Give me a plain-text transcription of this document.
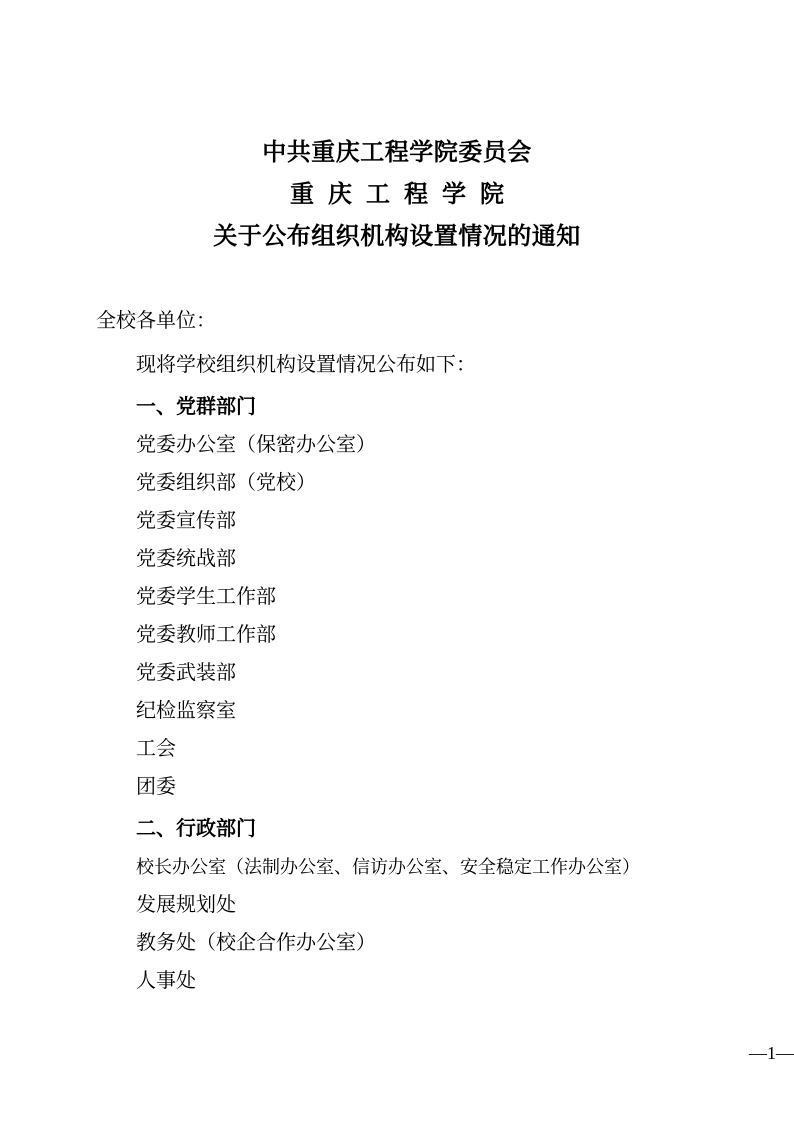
中共重庆工程学院委员会
重庆工程学院
关于公布组织机构设置情况的通知
全校各单位：
现将学校组织机构设置情况公布如下：
一、党群部门
党委办公室（保密办公室）
党委组织部（党校）
党委宣传部
党委统战部
党委学生工作部
党委教师工作部
党委武装部
纪检监察室
工会
团委
二、行政部门
校长办公室（法制办公室、信访办公室、安全稳定工作办公室）
发展规划处
教务处（校企合作办公室）
人事处
—1—
